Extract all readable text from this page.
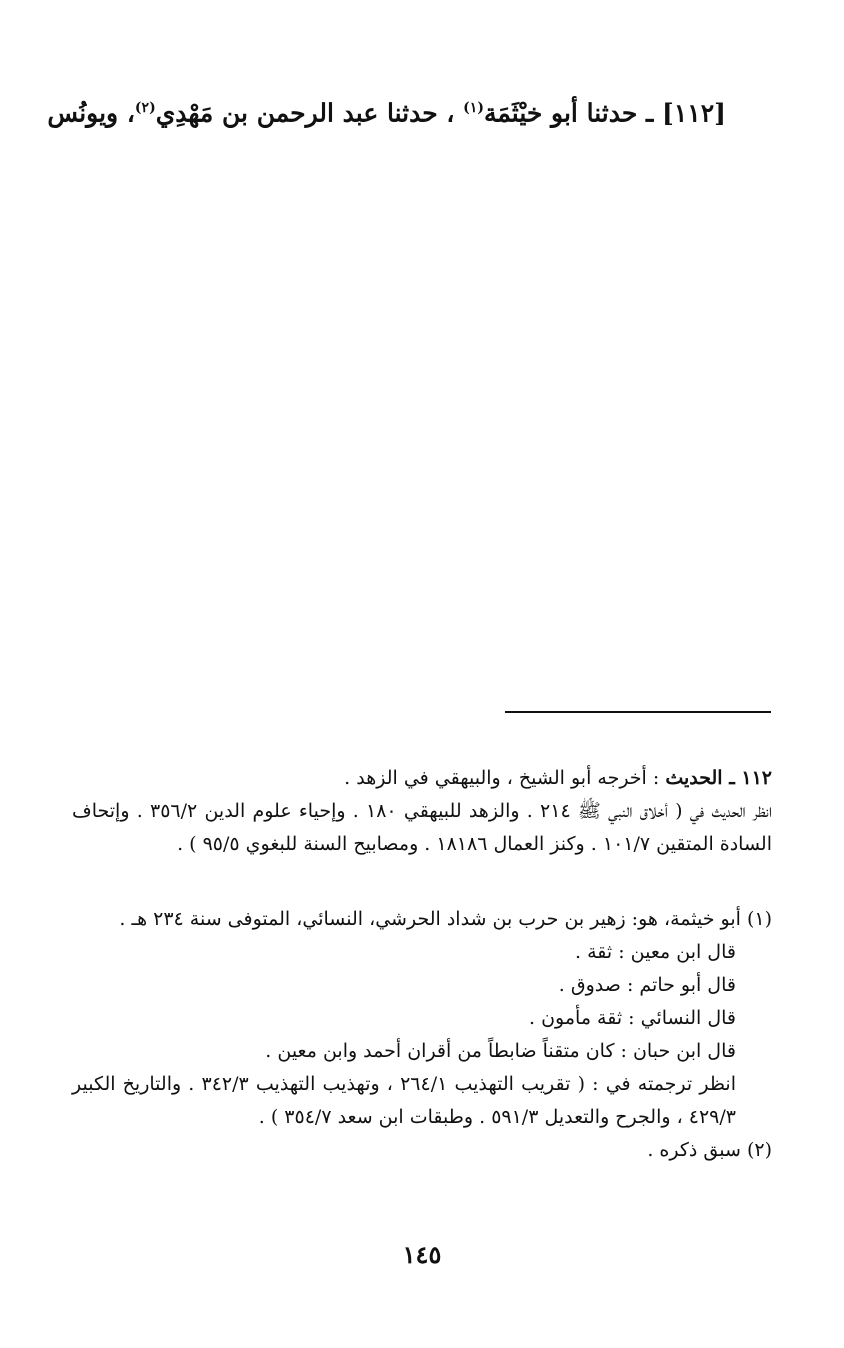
[١١٢] ـ حدثنا أبو خيْثَمَة$^{(١)}$ ، حدثنا عبد الرحمن بن مَهْدِي$^{(٢)}$، ويونُس

١١٢ ـ الحديث : أخرجه أبو الشيخ ، والبيهقي في الزهد .

انظر الحديث في ( أخلاق النبي ﷺ ٢١٤ . والزهد للبيهقي ١٨٠ . وإحياء علوم الدين ٣٥٦/٢ . وإتحاف السادة المتقين ١٠١/٧ . وكنز العمال ١٨١٨٦ . ومصابيح السنة للبغوي ٩٥/٥ ) .

(١) أبو خيثمة، هو: زهير بن حرب بن شداد الحرشي، النسائي، المتوفى سنة ٢٣٤ هـ .

قال ابن معين : ثقة .

قال أبو حاتم : صدوق .

قال النسائي : ثقة مأمون .

قال ابن حبان : كان متقناً ضابطاً من أقران أحمد وابن معين .

انظر ترجمته في : ( تقريب التهذيب ٢٦٤/١ ، وتهذيب التهذيب ٣٤٢/٣ . والتاريخ الكبير ٤٢٩/٣ ، والجرح والتعديل ٥٩١/٣ . وطبقات ابن سعد ٣٥٤/٧ ) .

(٢) سبق ذكره .

١٤٥
